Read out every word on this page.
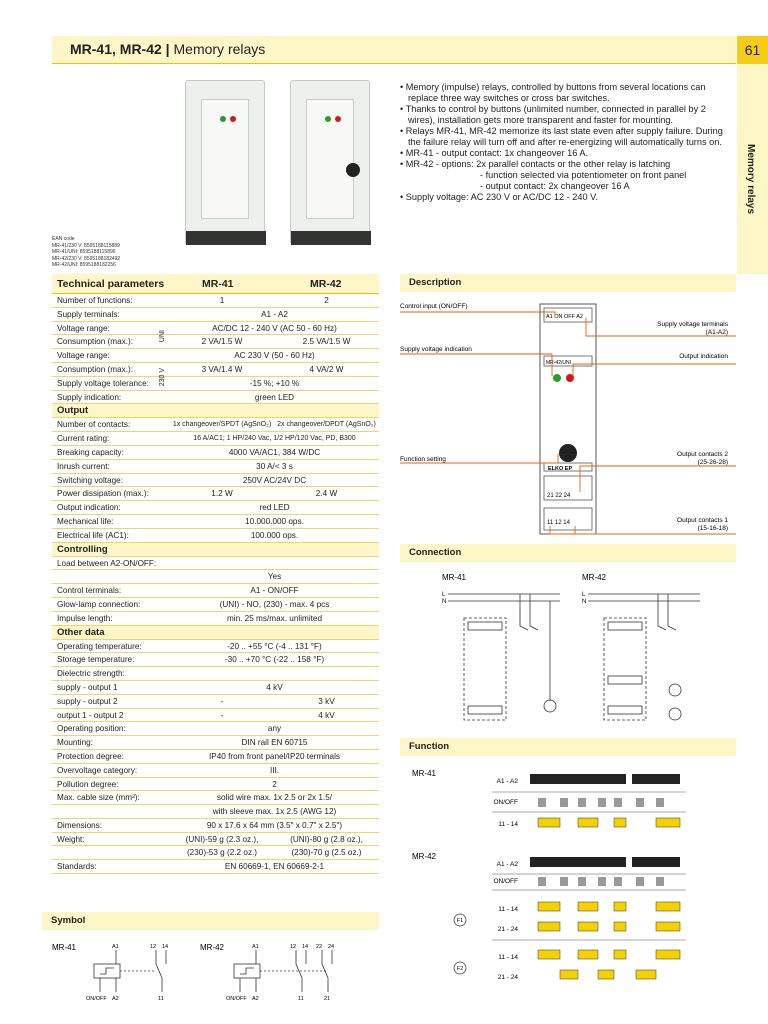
MR-41, MR-42 | Memory relays	61
Memory relays
EAN code
MR-41/230 V: 8595188115889
MR-41/UNI: 8595188115896
MR-42/230 V: 8595188182492
MR-42/UNI: 8595188182256
• Memory (impulse) relays, controlled by buttons from several locations can replace three way switches or cross bar switches.
• Thanks to control by buttons (unlimited number, connected in parallel by 2 wires), installation gets more transparent and faster for mounting.
• Relays MR-41, MR-42 memorize its last state even after supply failure. During the failure relay will turn off and after re-energizing will automatically turns on.
• MR-41 - output contact: 1x changeover 16 A.
• MR-42 - options: 2x parallel contacts or the other relay is latching
- function selected via potentiometer on front panel
- output contact: 2x changeover 16 A
• Supply voltage: AC 230 V or AC/DC 12 - 240 V.
Technical parameters	MR-41	MR-42
Number of functions:	1	2
Supply terminals:	A1 - A2
Voltage range:	AC/DC 12 - 240 V (AC 50 - 60 Hz)
Consumption (max.):	2 VA/1.5 W	2.5 VA/1.5 W
Voltage range:	AC 230 V (50 - 60 Hz)
Consumption (max.):	3 VA/1.4 W	4 VA/2 W
Supply voltage tolerance:	-15 %; +10 %
Supply indication:	green LED
Output
Number of contacts:	1x changeover/SPDT (AgSnO₂) 2x changeover/DPDT (AgSnO₂)
Current rating:	16 A/AC1; 1 HP/240 Vac, 1/2 HP/120 Vac, PD, B300
Breaking capacity:	4000 VA/AC1, 384 W/DC
Inrush current:	30 A/< 3 s
Switching voltage:	250V AC/24V DC
Power dissipation (max.):	1.2 W	2.4 W
Output indication:	red LED
Mechanical life:	10.000.000 ops.
Electrical life (AC1):	100.000 ops.
Controlling
Load between A2-ON/OFF:
Yes
Control terminals:	A1 - ON/OFF
Glow-lamp connection:	(UNI) - NO, (230) - max. 4 pcs
Impulse length:	min. 25 ms/max. unlimited
Other data
Operating temperature:	-20 .. +55 °C (-4 .. 131 °F)
Storage temperature:	-30 .. +70 °C (-22 .. 158 °F)
Dielectric strength:
supply - output 1	4 kV
supply - output 2	-	3 kV
output 1 - output 2	-	4 kV
Operating position:	any
Mounting:	DIN rail EN 60715
Protection degree:	IP40 from front panel/IP20 terminals
Overvoltage category:	III.
Pollution degree:	2
Max. cable size (mm²):	solid wire max. 1x 2.5 or 2x 1.5/
with sleeve max. 1x 2.5 (AWG 12)
Dimensions:	90 x 17.6 x 64 mm (3.5" x 0.7" x 2.5")
Weight:	(UNI)-59 g (2.3 oz.),	(UNI)-80 g (2.8 oz.),
(230)-53 g (2.2 oz.)	(230)-70 g (2.5 oz.)
Standards:	EN 60669-1, EN 60669-2-1
UNI
230 V
Description
Connection
Function
Symbol
A1 ON OFF A2
MR-42/UNI
ELKO EP
21 22 24
11 12 14
Control input (ON/OFF)
Supply voltage indication
Function setting
Supply voltage terminals
(A1-A2)
Output indication
Output contacts 2
(25-26-28)
Output contacts 1
(15-16-18)
MR-41	MR-42
L
N
L
N
MR-41
MR-42
A1 - A2
ON/OFF
11 - 14
A1 - A2
ON/OFF
11 - 14
21 - 24
11 - 14
21 - 24
F1
F2
MR-41	MR-42
A1
ON/OFF A2
12 14
11
A1
ON/OFF A2
12 14
11
22 24
21
